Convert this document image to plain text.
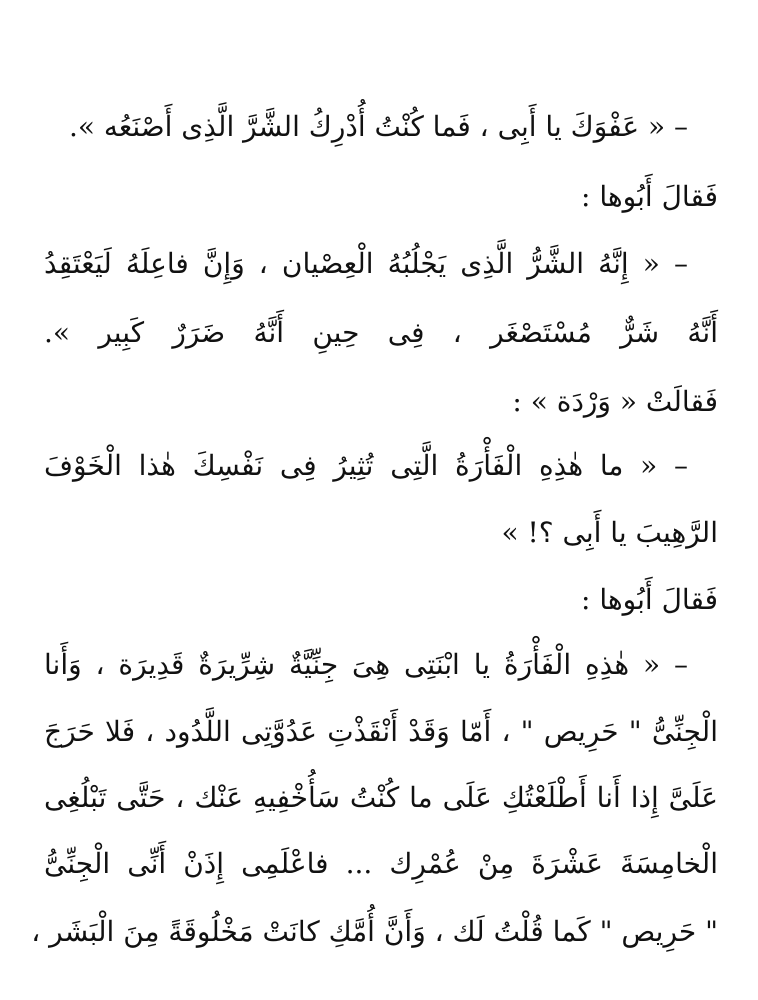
– « عَفْوَكَ يا أَبِى ، فَما كُنْتُ أُدْرِكُ الشَّرَّ الَّذِى أَصْنَعُه ».
فَقالَ أَبُوها :
– « إِنَّهُ الشَّرُّ الَّذِى يَجْلُبُهُ الْعِصْيان ، وَإِنَّ فاعِلَهُ لَيَعْتَقِدُ
أَنَّهُ شَرٌّ مُسْتَصْغَر ، فِى حِينِ أَنَّهُ ضَرَرٌ كَبِير ».
فَقالَتْ « وَرْدَة » :
– « ما هٰذِهِ الْفَأْرَةُ الَّتِى تُثِيرُ فِى نَفْسِكَ هٰذا الْخَوْفَ
الرَّهِيبَ يا أَبِى ؟! »
فَقالَ أَبُوها :
– « هٰذِهِ الْفَأْرَةُ يا ابْنَتِى هِىَ جِنِّيَّةٌ شِرِّيرَةٌ قَدِيرَة ، وَأَنا
الْجِنِّىُّ " حَرِيص " ، أَمّا وَقَدْ أَنْقَذْتِ عَدُوَّتِى اللَّدُود ، فَلا حَرَجَ
عَلَىَّ إِذا أَنا أَطْلَعْتُكِ عَلَى ما كُنْتُ سَأُخْفِيهِ عَنْك ، حَتَّى تَبْلُغِى
الْخامِسَةَ عَشْرَةَ مِنْ عُمْرِك ... فاعْلَمِى إِذَنْ أَنِّى الْجِنِّىُّ
" حَرِيص " كَما قُلْتُ لَك ، وَأَنَّ أُمَّكِ كانَتْ مَخْلُوقَةً مِنَ الْبَشَر ،
